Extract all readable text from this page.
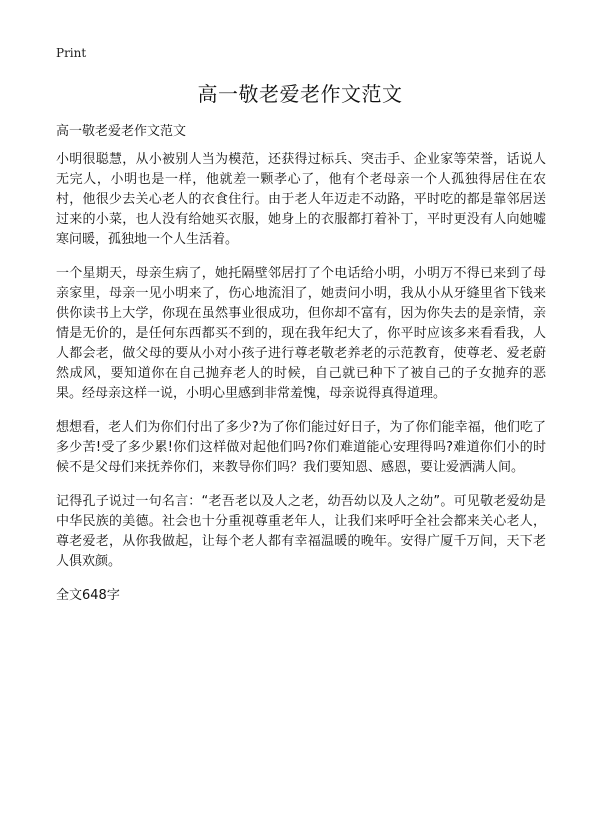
Print
高一敬老爱老作文范文

高一敬老爱老作文范文

小明很聪慧，从小被别人当为模范，还获得过标兵、突击手、企业家等荣誉，话说人无完人，小明也是一样，他就差一颗孝心了，他有个老母亲一个人孤独得居住在农村，他很少去关心老人的衣食住行。由于老人年迈走不动路，平时吃的都是靠邻居送过来的小菜，也人没有给她买衣服，她身上的衣服都打着补丁，平时更没有人向她嘘寒问暖，孤独地一个人生活着。

一个星期天，母亲生病了，她托隔壁邻居打了个电话给小明，小明万不得已来到了母亲家里，母亲一见小明来了，伤心地流泪了，她责问小明，我从小从牙缝里省下钱来供你读书上大学，你现在虽然事业很成功，但你却不富有，因为你失去的是亲情，亲情是无价的，是任何东西都买不到的，现在我年纪大了，你平时应该多来看看我，人人都会老，做父母的要从小对小孩子进行尊老敬老养老的示范教育，使尊老、爱老蔚然成风，要知道你在自己抛弃老人的时候，自己就已种下了被自己的子女抛弃的恶果。经母亲这样一说，小明心里感到非常羞愧，母亲说得真得道理。

想想看，老人们为你们付出了多少?为了你们能过好日子，为了你们能幸福，他们吃了多少苦!受了多少累!你们这样做对起他们吗?你们难道能心安理得吗?难道你们小的时候不是父母们来抚养你们，来教导你们吗？我们要知恩、感恩，要让爱洒满人间。

记得孔子说过一句名言：“老吾老以及人之老，幼吾幼以及人之幼”。可见敬老爱幼是中华民族的美德。社会也十分重视尊重老年人，让我们来呼吁全社会都来关心老人，尊老爱老，从你我做起，让每个老人都有幸福温暖的晚年。安得广厦千万间，天下老人俱欢颜。

全文648字
